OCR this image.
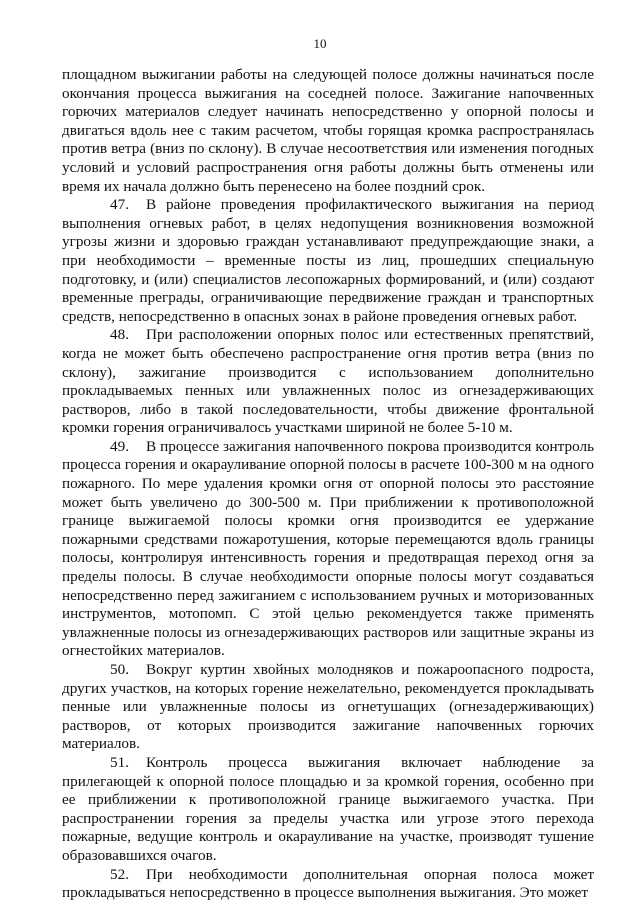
10

площадном выжигании работы на следующей полосе должны начинаться после окончания процесса выжигания на соседней полосе. Зажигание напочвенных горючих материалов следует начинать непосредственно у опорной полосы и двигаться вдоль нее с таким расчетом, чтобы горящая кромка распространялась против ветра (вниз по склону). В случае несоответствия или изменения погодных условий и условий распространения огня работы должны быть отменены или время их начала должно быть перенесено на более поздний срок.

47. В районе проведения профилактического выжигания на период выполнения огневых работ, в целях недопущения возникновения возможной угрозы жизни и здоровью граждан устанавливают предупреждающие знаки, а при необходимости – временные посты из лиц, прошедших специальную подготовку, и (или) специалистов лесопожарных формирований, и (или) создают временные преграды, ограничивающие передвижение граждан и транспортных средств, непосредственно в опасных зонах в районе проведения огневых работ.

48. При расположении опорных полос или естественных препятствий, когда не может быть обеспечено распространение огня против ветра (вниз по склону), зажигание производится с использованием дополнительно прокладываемых пенных или увлажненных полос из огнезадерживающих растворов, либо в такой последовательности, чтобы движение фронтальной кромки горения ограничивалось участками шириной не более 5-10 м.

49. В процессе зажигания напочвенного покрова производится контроль процесса горения и окарауливание опорной полосы в расчете 100-300 м на одного пожарного. По мере удаления кромки огня от опорной полосы это расстояние может быть увеличено до 300-500 м. При приближении к противоположной границе выжигаемой полосы кромки огня производится ее удержание пожарными средствами пожаротушения, которые перемещаются вдоль границы полосы, контролируя интенсивность горения и предотвращая переход огня за пределы полосы. В случае необходимости опорные полосы могут создаваться непосредственно перед зажиганием с использованием ручных и моторизованных инструментов, мотопомп. С этой целью рекомендуется также применять увлажненные полосы из огнезадерживающих растворов или защитные экраны из огнестойких материалов.

50. Вокруг куртин хвойных молодняков и пожароопасного подроста, других участков, на которых горение нежелательно, рекомендуется прокладывать пенные или увлажненные полосы из огнетушащих (огнезадерживающих) растворов, от которых производится зажигание напочвенных горючих материалов.

51. Контроль процесса выжигания включает наблюдение за прилегающей к опорной полосе площадью и за кромкой горения, особенно при ее приближении к противоположной границе выжигаемого участка. При распространении горения за пределы участка или угрозе этого перехода пожарные, ведущие контроль и окарауливание на участке, производят тушение образовавшихся очагов.

52. При необходимости дополнительная опорная полоса может прокладываться непосредственно в процессе выполнения выжигания. Это может
